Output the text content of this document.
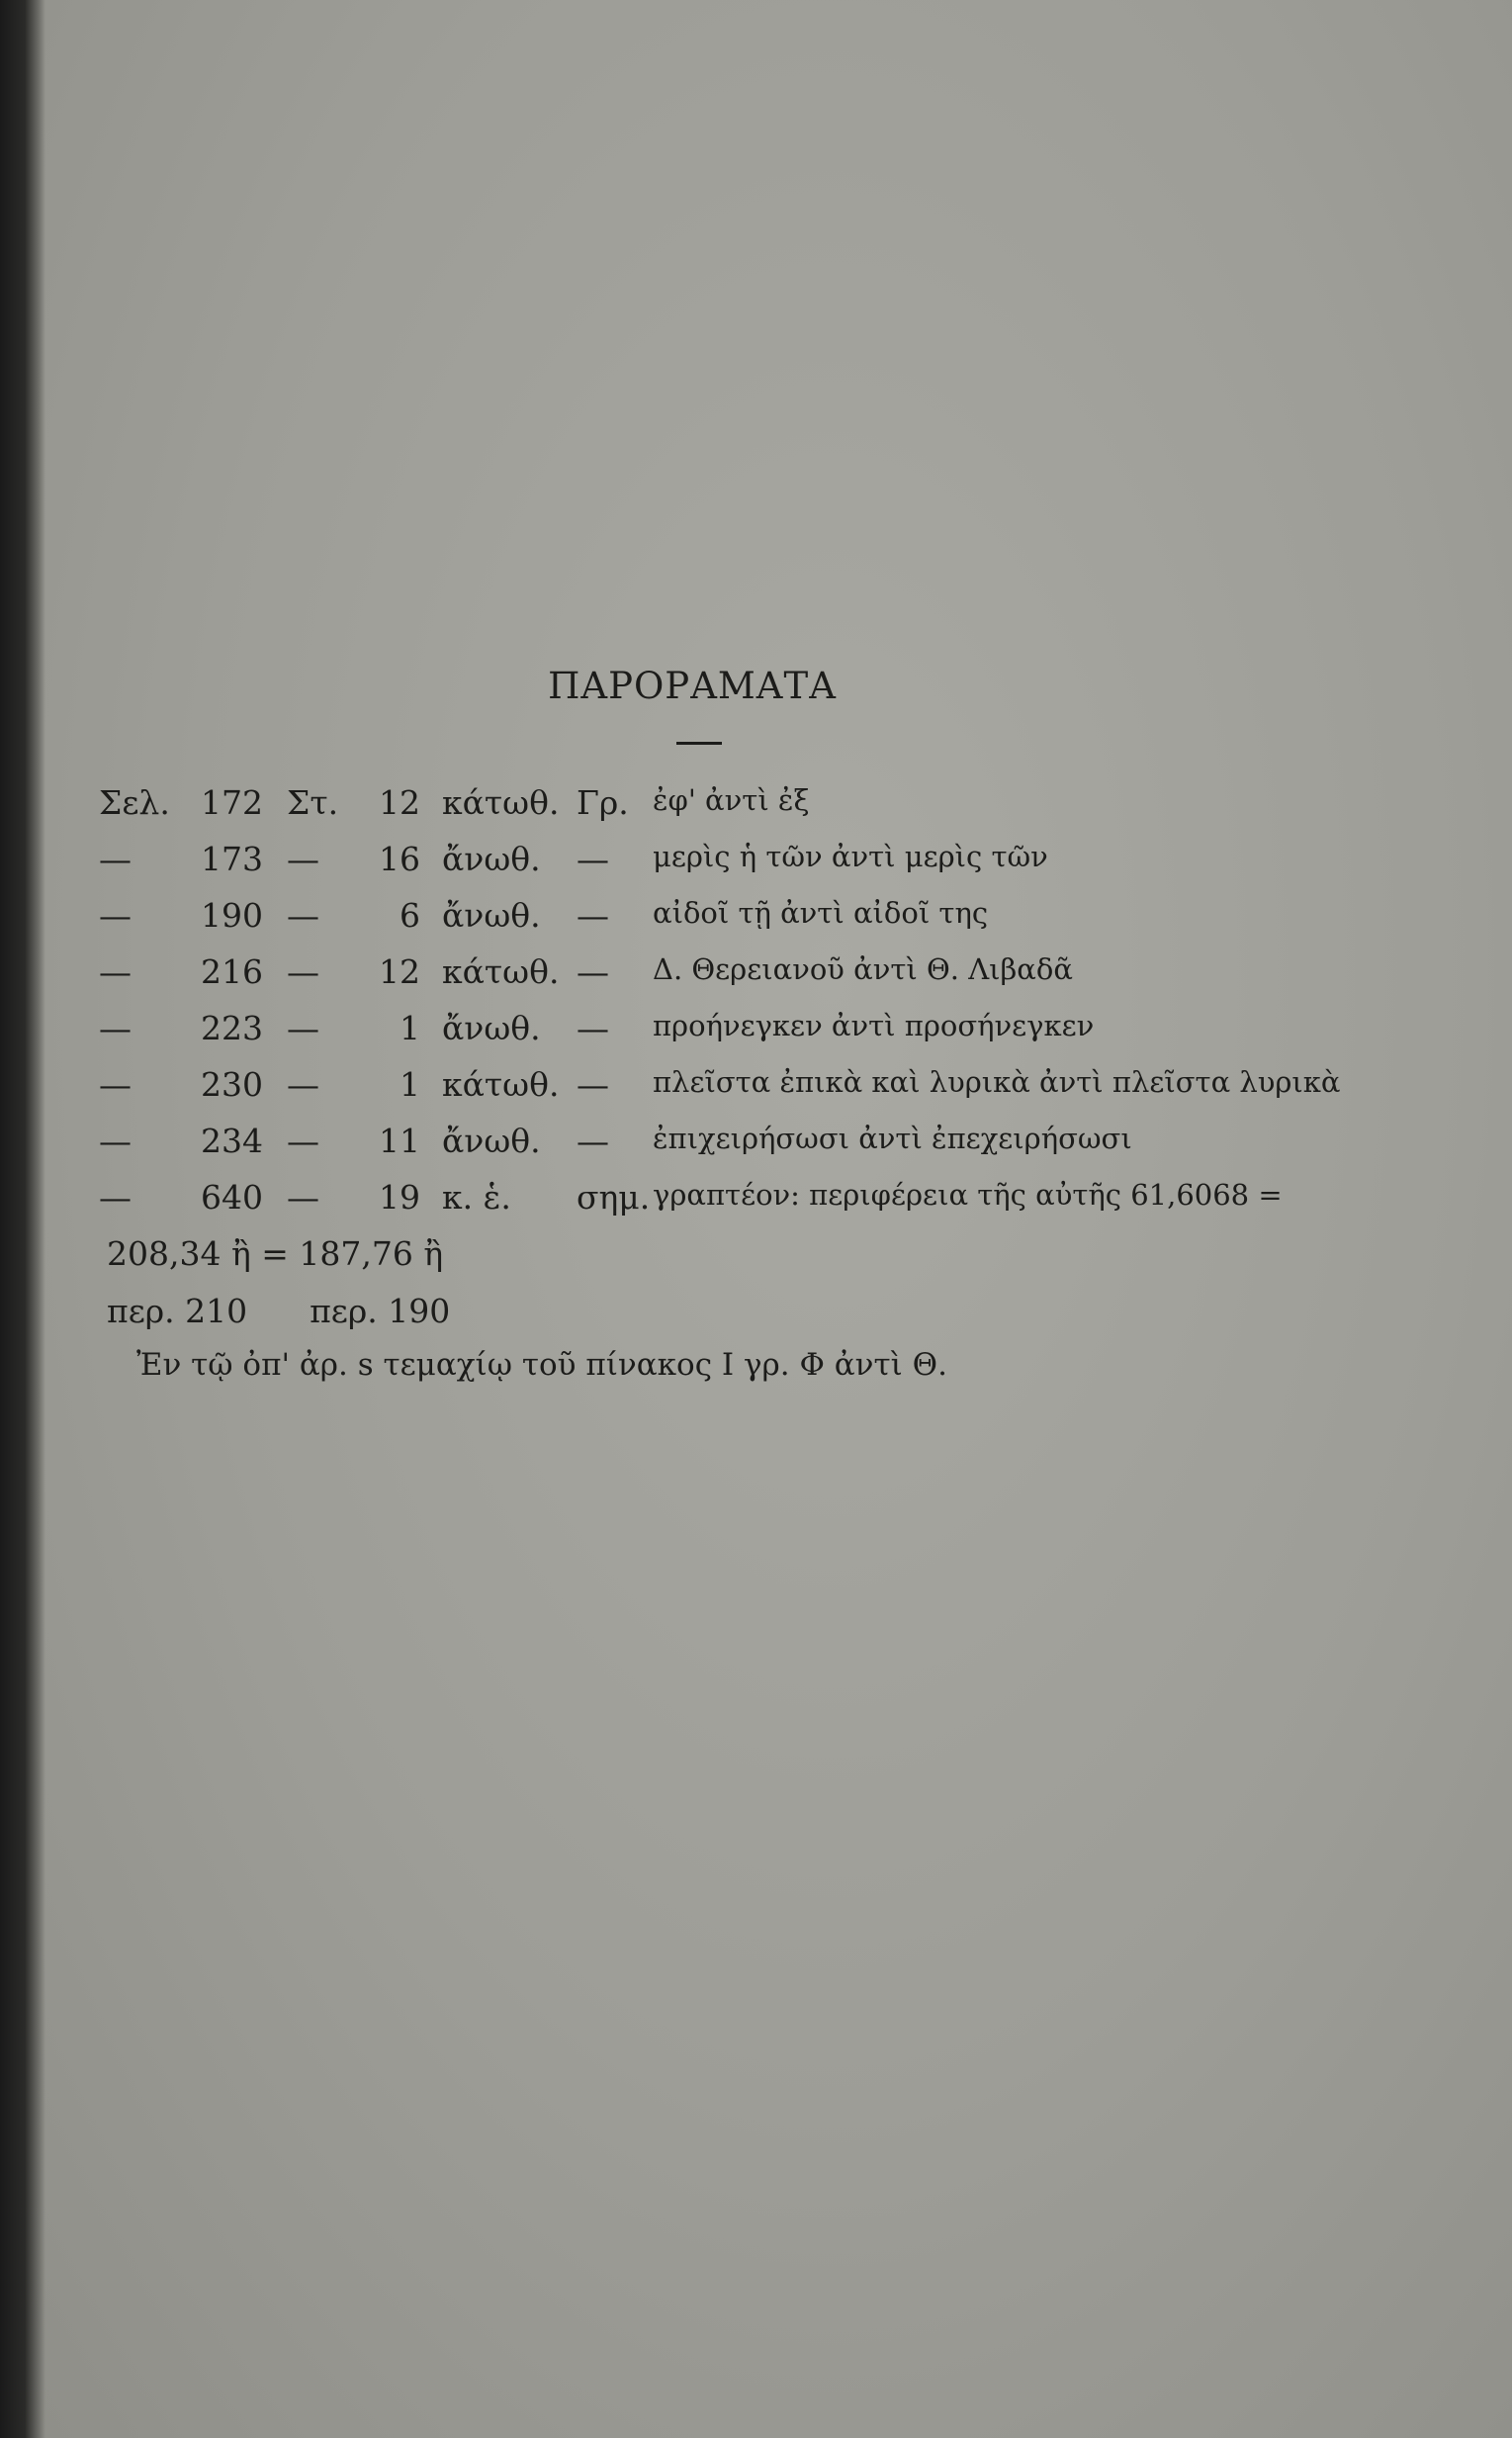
ΠΑΡΟΡΑΜΑΤΑ
Σελ. 172 Στ.	12 κάτωθ. Γρ. ἐφ' ἀντὶ ἐξ
—	173 —	16 ἄνωθ. —	μερὶς ἡ τῶν ἀντὶ μερὶς τῶν
—	190 —	6 ἄνωθ. —	αἰδοῖ τῇ ἀντὶ αἰδοῖ της
—	216 —	12 κάτωθ. —	Δ. Θερειανοῦ ἀντὶ Θ. Λιβαδᾶ
—	223 —	1 ἄνωθ. —	προήνεγκεν ἀντὶ προσήνεγκεν
—	230 —	1 κάτωθ. —	πλεῖστα ἐπικὰ καὶ λυρικὰ ἀντὶ πλεῖστα λυρικὰ
—	234 —	11 ἄνωθ. —	ἐπιχειρήσωσι ἀντὶ ἐπεχειρήσωσι
—	640 —	19 κ. ἑ. σημ. γραπτέον: περιφέρεια τῆς αὐτῆς 61,6068 =
208,34 ἢ = 187,76 ἢ
περ. 210      περ. 190
Ἐν τῷ ὀπ' ἀρ. s τεμαχίῳ τοῦ πίνακος Ι γρ. Φ ἀντὶ Θ.
